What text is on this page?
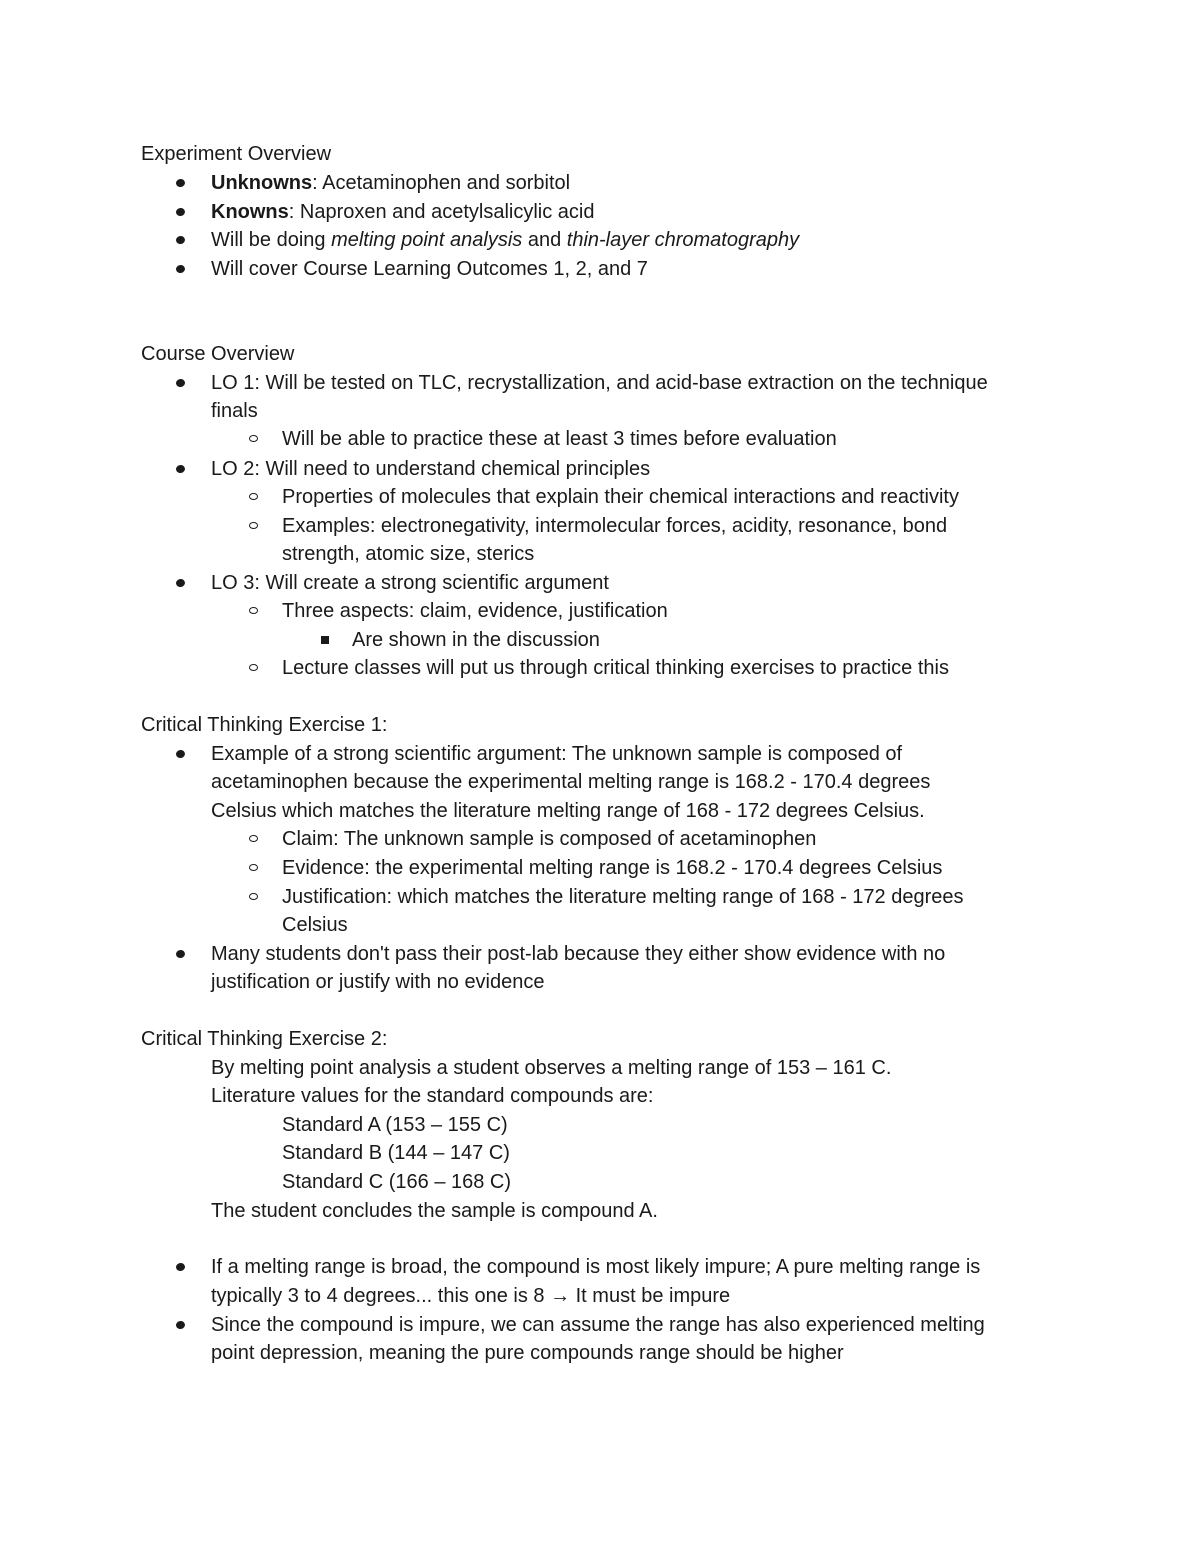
Experiment Overview
Unknowns: Acetaminophen and sorbitol
Knowns: Naproxen and acetylsalicylic acid
Will be doing melting point analysis and thin-layer chromatography
Will cover Course Learning Outcomes 1, 2, and 7
Course Overview
LO 1: Will be tested on TLC, recrystallization, and acid-base extraction on the technique
finals
Will be able to practice these at least 3 times before evaluation
LO 2: Will need to understand chemical principles
Properties of molecules that explain their chemical interactions and reactivity
Examples: electronegativity, intermolecular forces, acidity, resonance, bond
strength, atomic size, sterics
LO 3: Will create a strong scientific argument
Three aspects: claim, evidence, justification
Are shown in the discussion
Lecture classes will put us through critical thinking exercises to practice this
Critical Thinking Exercise 1:
Example of a strong scientific argument: The unknown sample is composed of
acetaminophen because the experimental melting range is 168.2 - 170.4 degrees
Celsius which matches the literature melting range of 168 - 172 degrees Celsius.
Claim: The unknown sample is composed of acetaminophen
Evidence: the experimental melting range is 168.2 - 170.4 degrees Celsius
Justification: which matches the literature melting range of 168 - 172 degrees
Celsius
Many students don't pass their post-lab because they either show evidence with no
justification or justify with no evidence
Critical Thinking Exercise 2:
By melting point analysis a student observes a melting range of 153 – 161 C.
Literature values for the standard compounds are:
Standard A (153 – 155 C)
Standard B (144 – 147 C)
Standard C (166 – 168 C)
The student concludes the sample is compound A.
If a melting range is broad, the compound is most likely impure; A pure melting range is
typically 3 to 4 degrees... this one is 8 → It must be impure
Since the compound is impure, we can assume the range has also experienced melting
point depression, meaning the pure compounds range should be higher
